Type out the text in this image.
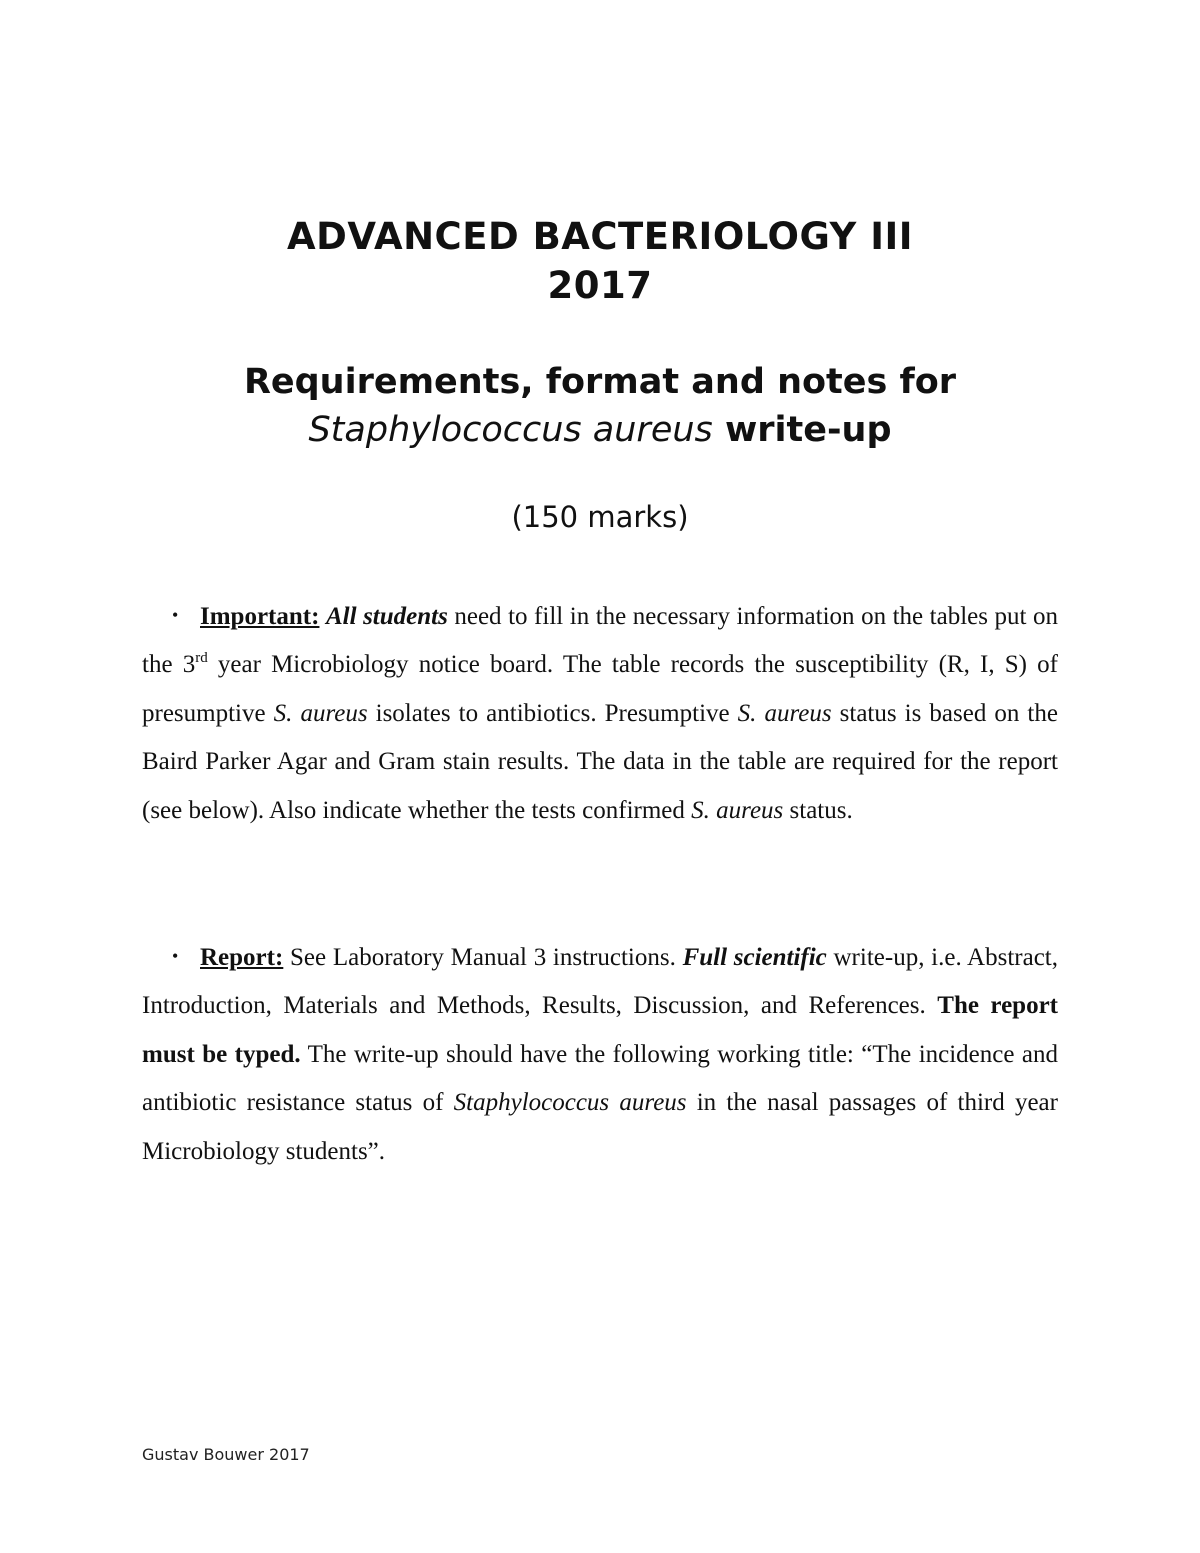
ADVANCED BACTERIOLOGY III
2017
Requirements, format and notes for
Staphylococcus aureus write-up
(150 marks)
• Important: All students need to fill in the necessary information on the tables put on the 3rd year Microbiology notice board. The table records the susceptibility (R, I, S) of presumptive S. aureus isolates to antibiotics. Presumptive S. aureus status is based on the Baird Parker Agar and Gram stain results. The data in the table are required for the report (see below). Also indicate whether the tests confirmed S. aureus status.
• Report: See Laboratory Manual 3 instructions. Full scientific write-up, i.e. Abstract, Introduction, Materials and Methods, Results, Discussion, and References. The report must be typed. The write-up should have the following working title: “The incidence and antibiotic resistance status of Staphylococcus aureus in the nasal passages of third year Microbiology students”.
Gustav Bouwer 2017
